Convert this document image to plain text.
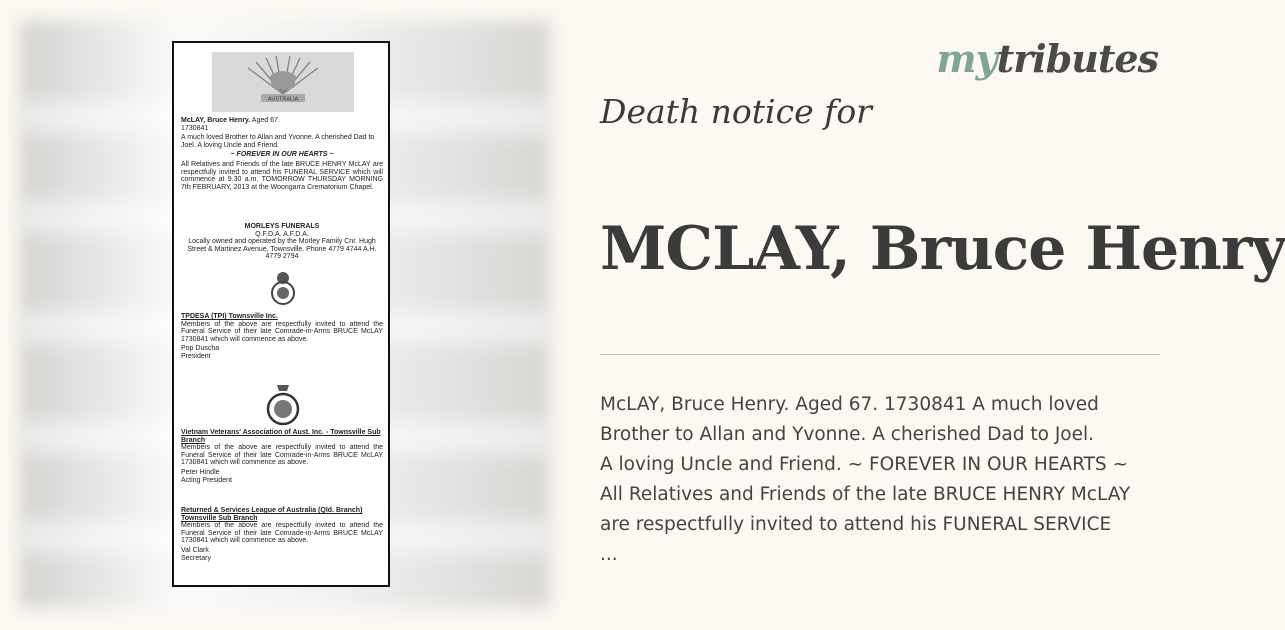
AUSTRALIA

McLAY, Bruce Henry. Aged 67.

1730841

A much loved Brother to Allan and Yvonne. A cherished Dad to Joel. A loving Uncle and Friend.

~ FOREVER IN OUR HEARTS ~

All Relatives and Friends of the late BRUCE HENRY McLAY are respectfully invited to attend his FUNERAL SERVICE which will commence at 9.30 a.m. TOMORROW THURSDAY MORNING 7th FEBRUARY, 2013 at the Woongarra Crematorium Chapel.

MORLEYS FUNERALS

Q.F.D.A. A.F.D.A.

Locally owned and operated by the Morley Family Cnr. Hugh Street & Martinez Avenue, Townsville. Phone 4779 4744 A.H. 4779 2794

TPDESA (TPI) Townsville Inc.

Members of the above are respectfully invited to attend the Funeral Service of their late Comrade-in-Arms BRUCE McLAY 1730841 which will commence as above.

Pop Duscha

President

Vietnam Veterans' Association of Aust. Inc. - Townsville Sub Branch

Members of the above are respectfully invited to attend the Funeral Service of their late Comrade-in-Arms BRUCE McLAY 1730841 which will commence as above.

Peter Hindle

Acting President

Returned & Services League of Australia (Qld. Branch) Townsville Sub Branch

Members of the above are respectfully invited to attend the Funeral Service of their late Comrade-in-Arms BRUCE McLAY 1730841 which will commence as above.

Val Clark

Secretary

mytributes
Death notice for
MCLAY, Bruce Henry
McLAY, Bruce Henry. Aged 67. 1730841 A much loved
Brother to Allan and Yvonne. A cherished Dad to Joel.
A loving Uncle and Friend. ~ FOREVER IN OUR HEARTS ~
All Relatives and Friends of the late BRUCE HENRY McLAY
are respectfully invited to attend his FUNERAL SERVICE
...
